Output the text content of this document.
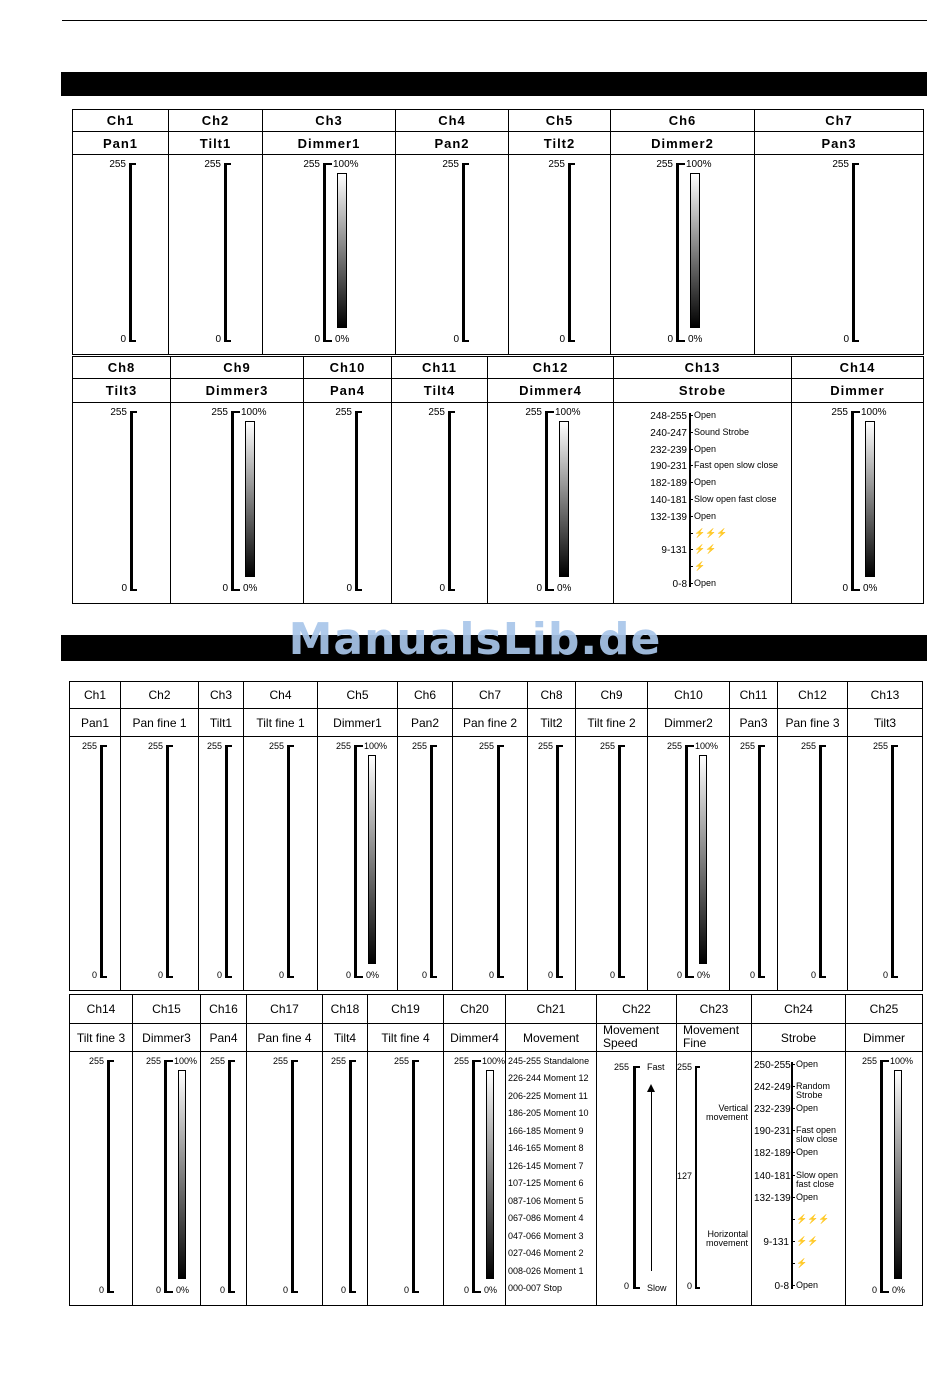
Ch1
Pan1
255
0
Ch2
Tilt1
255
0
Ch3
Dimmer1
255
0
100%
0%
Ch4
Pan2
255
0
Ch5
Tilt2
255
0
Ch6
Dimmer2
255
0
100%
0%
Ch7
Pan3
255
0
Ch8
Tilt3
255
0
Ch9
Dimmer3
255
0
100%
0%
Ch10
Pan4
255
0
Ch11
Tilt4
255
0
Ch12
Dimmer4
255
0
100%
0%
Ch13
Strobe
248-255 Open
240-247 Sound Strobe
232-239 Open
190-231 Fast open slow close
182-189 Open
140-181 Slow open fast close
132-139 Open
⚡⚡⚡
9-131 ⚡⚡
⚡
0-8 Open
Ch14
Dimmer
255
0
100%
0%
Ch1
Pan1
255
0
Ch2
Pan fine 1
255
0
Ch3
Tilt1
255
0
Ch4
Tilt fine 1
255
0
Ch5
Dimmer1
255
0
100%
0%
Ch6
Pan2
255
0
Ch7
Pan fine 2
255
0
Ch8
Tilt2
255
0
Ch9
Tilt fine 2
255
0
Ch10
Dimmer2
255
0
100%
0%
Ch11
Pan3
255
0
Ch12
Pan fine 3
255
0
Ch13
Tilt3
255
0
Ch14
Tilt fine 3
255
0
Ch15
Dimmer3
255
0
100%
0%
Ch16
Pan4
255
0
Ch17
Pan fine 4
255
0
Ch18
Tilt4
255
0
Ch19
Tilt fine 4
255
0
Ch20
Dimmer4
255
0
100%
0%
Ch21
Movement
245-255 Standalone
226-244 Moment 12
206-225 Moment 11
186-205 Moment 10
166-185 Moment 9
146-165 Moment 8
126-145 Moment 7
107-125 Moment 6
087-106 Moment 5
067-086 Moment 4
047-066 Moment 3
027-046 Moment 2
008-026 Moment 1
000-007 Stop
Ch22
Movement Speed
255
0
Fast
Slow
Ch23
Movement Fine
255
0
127
Vertical movement
Horizontal movement
Ch24
Strobe
250-255 Open
242-249 Random Strobe
232-239 Open
190-231 Fast open slow close
182-189 Open
140-181 Slow open fast close
132-139 Open
⚡⚡⚡
9-131 ⚡⚡
⚡
0-8 Open
Ch25
Dimmer
255
0
100%
0%
ManualsLib.de
